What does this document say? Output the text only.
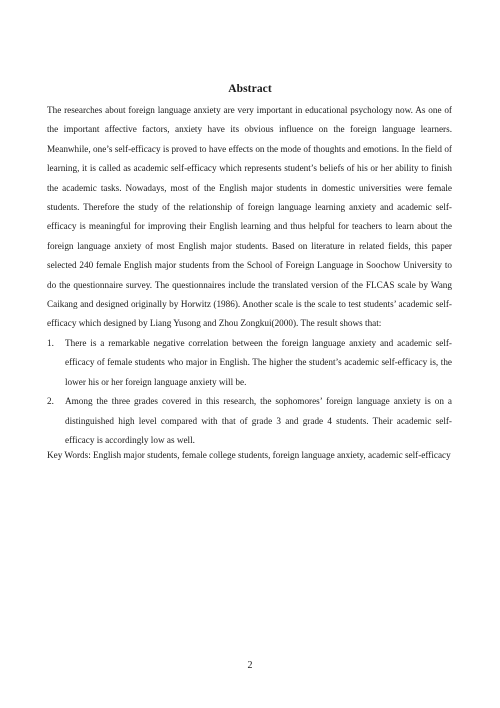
Abstract

The researches about foreign language anxiety are very important in educational psychology now. As one of the important affective factors, anxiety have its obvious influence on the foreign language learners. Meanwhile, one’s self-efficacy is proved to have effects on the mode of thoughts and emotions. In the field of learning, it is called as academic self-efficacy which represents student’s beliefs of his or her ability to finish the academic tasks. Nowadays, most of the English major students in domestic universities were female students. Therefore the study of the relationship of foreign language learning anxiety and academic self-efficacy is meaningful for improving their English learning and thus helpful for teachers to learn about the foreign language anxiety of most English major students. Based on literature in related fields, this paper selected 240 female English major students from the School of Foreign Language in Soochow University to do the questionnaire survey. The questionnaires include the translated version of the FLCAS scale by Wang Caikang and designed originally by Horwitz (1986). Another scale is the scale to test students’ academic self-efficacy which designed by Liang Yusong and Zhou Zongkui(2000). The result shows that:

1. There is a remarkable negative correlation between the foreign language anxiety and academic self-efficacy of female students who major in English. The higher the student’s academic self-efficacy is, the lower his or her foreign language anxiety will be.
2. Among the three grades covered in this research, the sophomores’ foreign language anxiety is on a distinguished high level compared with that of grade 3 and grade 4 students. Their academic self-efficacy is accordingly low as well.
Key Words: English major students, female college students, foreign language anxiety, academic self-efficacy
2
